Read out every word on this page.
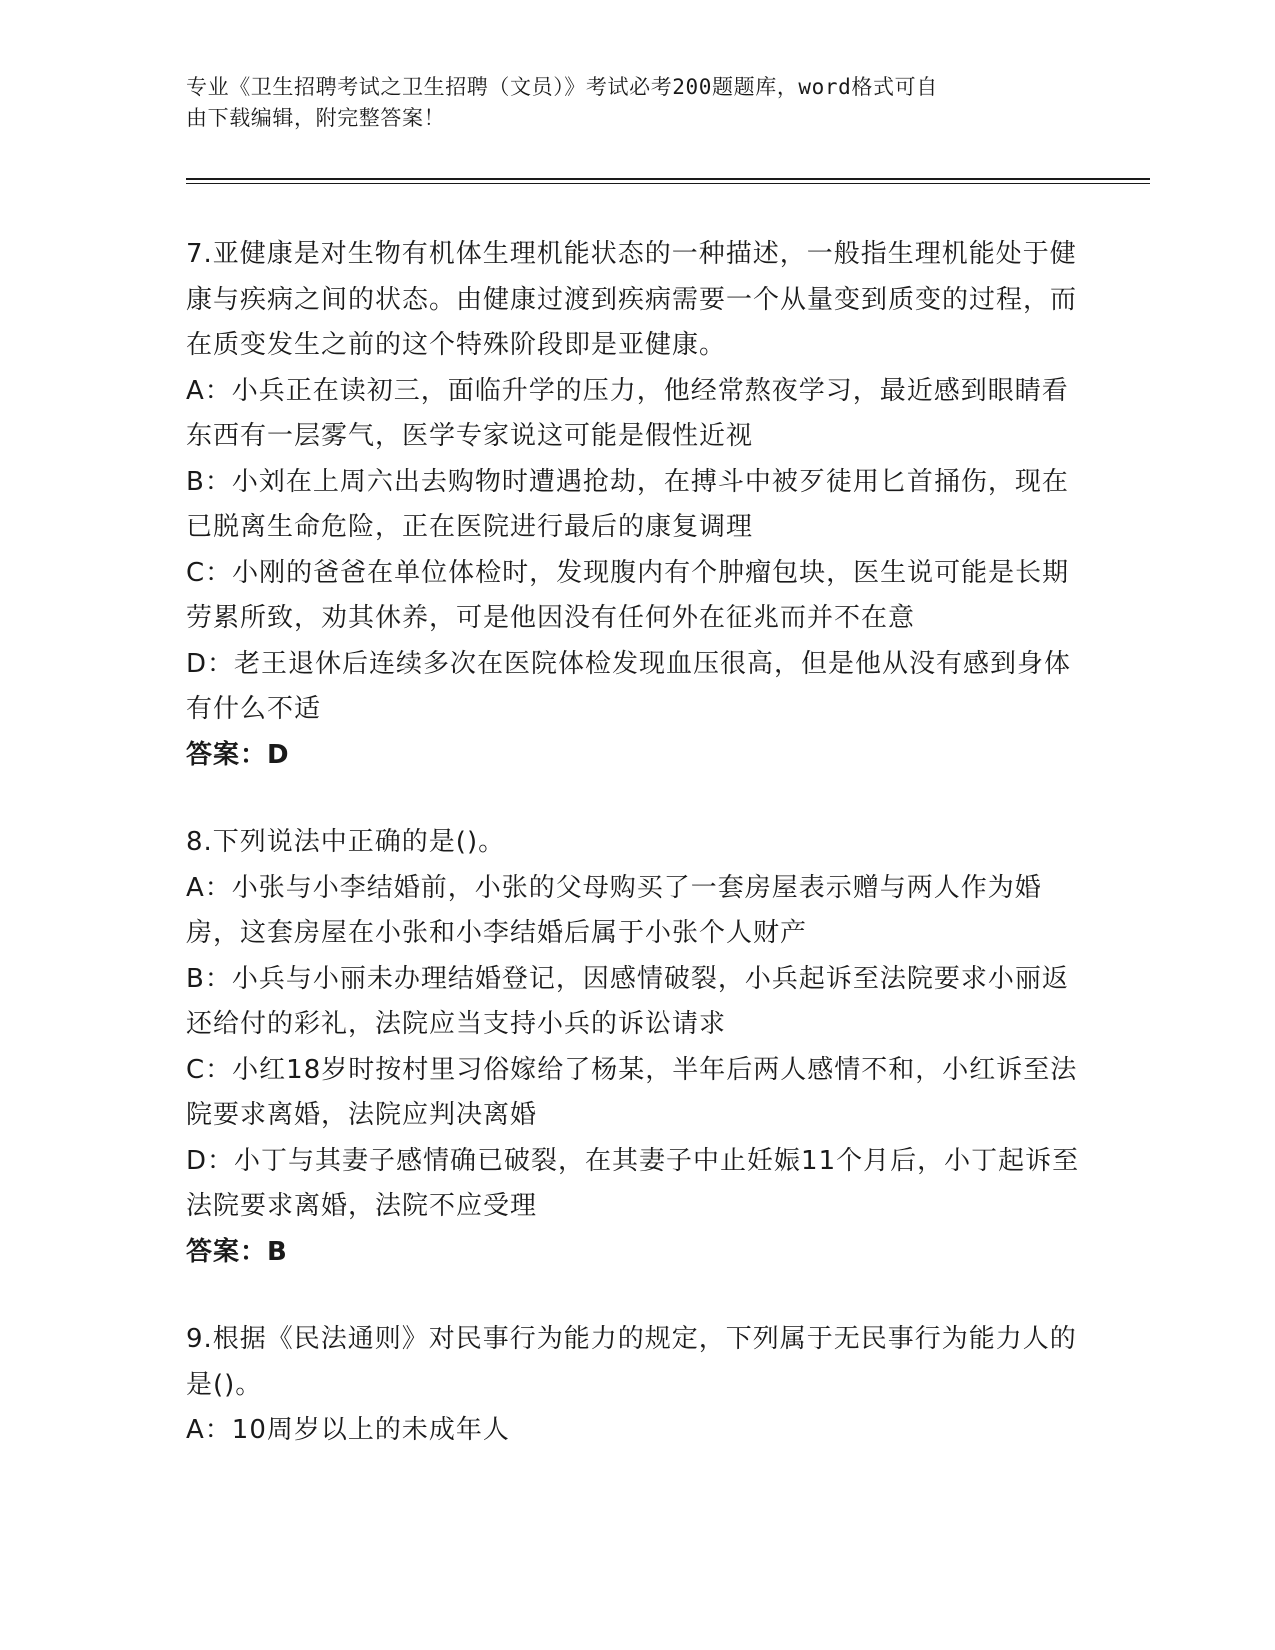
专业《卫生招聘考试之卫生招聘（文员）》考试必考200题题库，word格式可自
由下载编辑，附完整答案！

7.亚健康是对生物有机体生理机能状态的一种描述，一般指生理机能处于健康与疾病之间的状态。由健康过渡到疾病需要一个从量变到质变的过程，而在质变发生之前的这个特殊阶段即是亚健康。

A：小兵正在读初三，面临升学的压力，他经常熬夜学习，最近感到眼睛看东西有一层雾气，医学专家说这可能是假性近视

B：小刘在上周六出去购物时遭遇抢劫，在搏斗中被歹徒用匕首捅伤，现在已脱离生命危险，正在医院进行最后的康复调理

C：小刚的爸爸在单位体检时，发现腹内有个肿瘤包块，医生说可能是长期劳累所致，劝其休养，可是他因没有任何外在征兆而并不在意

D：老王退休后连续多次在医院体检发现血压很高，但是他从没有感到身体有什么不适

答案：D

8.下列说法中正确的是()。

A：小张与小李结婚前，小张的父母购买了一套房屋表示赠与两人作为婚房，这套房屋在小张和小李结婚后属于小张个人财产

B：小兵与小丽未办理结婚登记，因感情破裂，小兵起诉至法院要求小丽返还给付的彩礼，法院应当支持小兵的诉讼请求

C：小红18岁时按村里习俗嫁给了杨某，半年后两人感情不和，小红诉至法院要求离婚，法院应判决离婚

D：小丁与其妻子感情确已破裂，在其妻子中止妊娠11个月后，小丁起诉至法院要求离婚，法院不应受理

答案：B

9.根据《民法通则》对民事行为能力的规定，下列属于无民事行为能力人的是()。

A：10周岁以上的未成年人
